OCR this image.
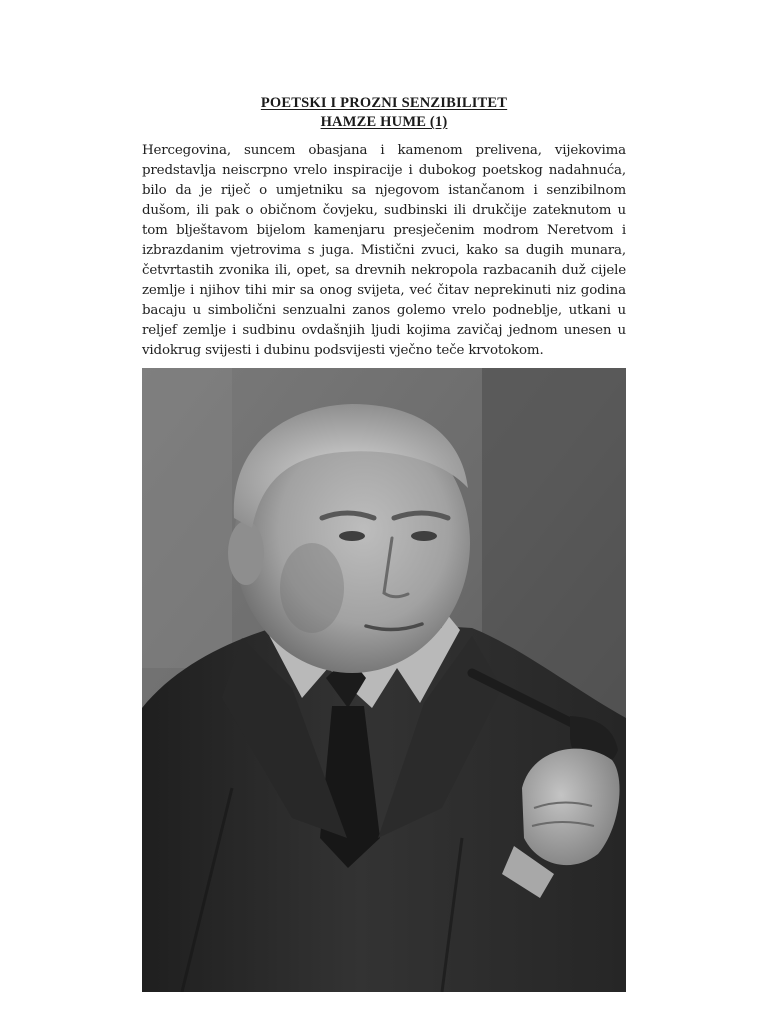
POETSKI I PROZNI SENZIBILITET
HAMZE HUME (1)

Hercegovina, suncem obasjana i kamenom prelivena, vijekovima predstavlja neiscrpno vrelo inspiracije i dubokog poetskog nadahnuća, bilo da je riječ o umjetniku sa njegovom istančanom i senzibilnom dušom, ili pak o običnom čovjeku, sudbinski ili drukčije zateknutom u tom blještavom bijelom kamenjaru presječenim modrom Neretvom i izbrazdanim vjetrovima s juga. Mistični zvuci, kako sa dugih munara, četvrtastih zvonika ili, opet, sa drevnih nekropola razbacanih duž cijele zemlje i njihov tihi mir sa onog svijeta, već čitav neprekinuti niz godina bacaju u simbolični senzualni zanos golemo vrelo podneblje, utkani u reljef zemlje i sudbinu ovdašnjih ljudi kojima zavičaj jednom unesen u vidokrug svijesti i dubinu podsvijesti vječno teče krvotokom.
